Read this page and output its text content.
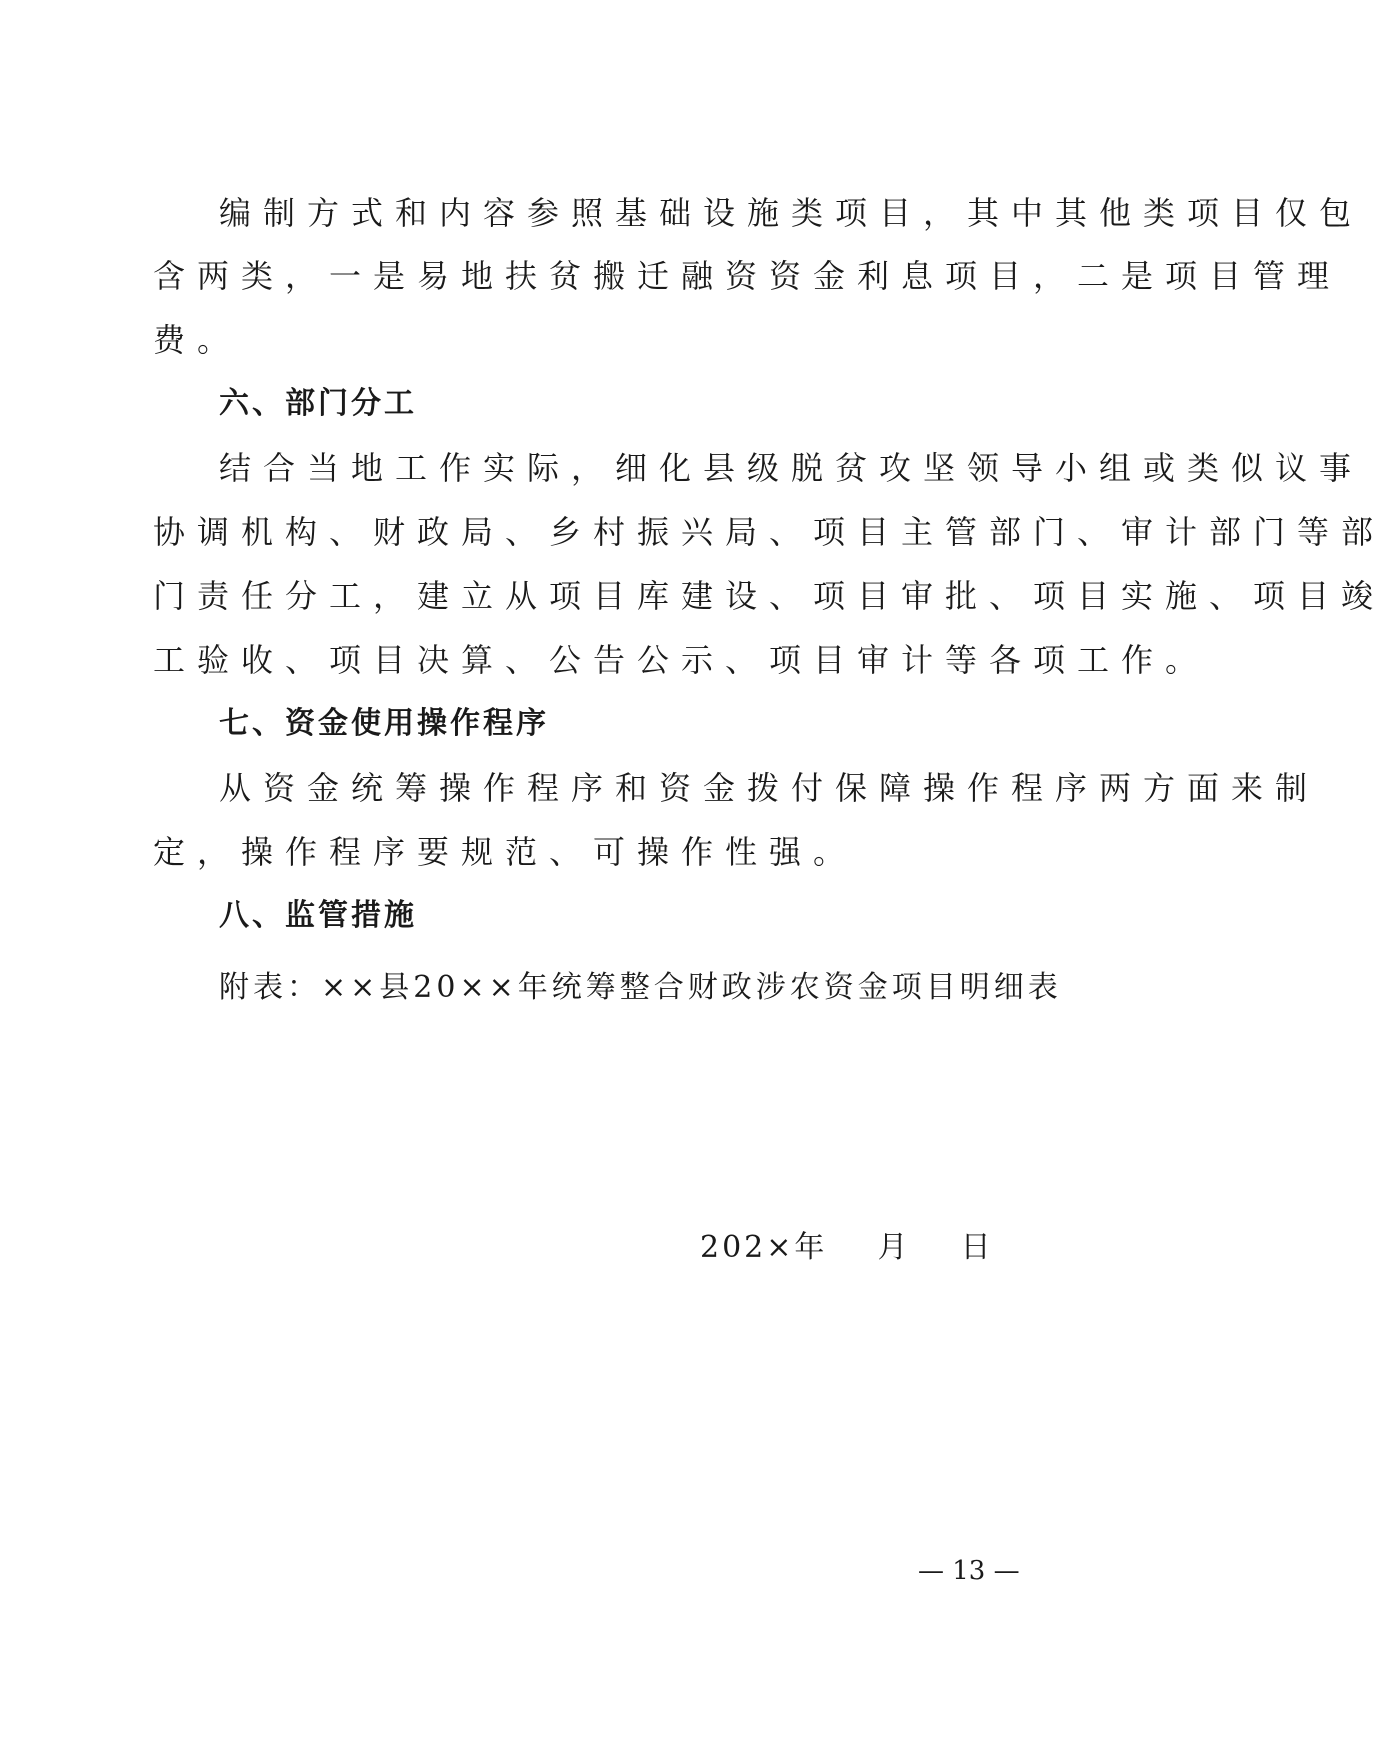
编制方式和内容参照基础设施类项目，其中其他类项目仅包
含两类，一是易地扶贫搬迁融资资金利息项目，二是项目管理
费。
六、部门分工
结合当地工作实际，细化县级脱贫攻坚领导小组或类似议事
协调机构、财政局、乡村振兴局、项目主管部门、审计部门等部
门责任分工，建立从项目库建设、项目审批、项目实施、项目竣
工验收、项目决算、公告公示、项目审计等各项工作。
七、资金使用操作程序
从资金统筹操作程序和资金拨付保障操作程序两方面来制
定，操作程序要规范、可操作性强。
八、监管措施
附表：××县20××年统筹整合财政涉农资金项目明细表
202×年    月    日
— 13 —
